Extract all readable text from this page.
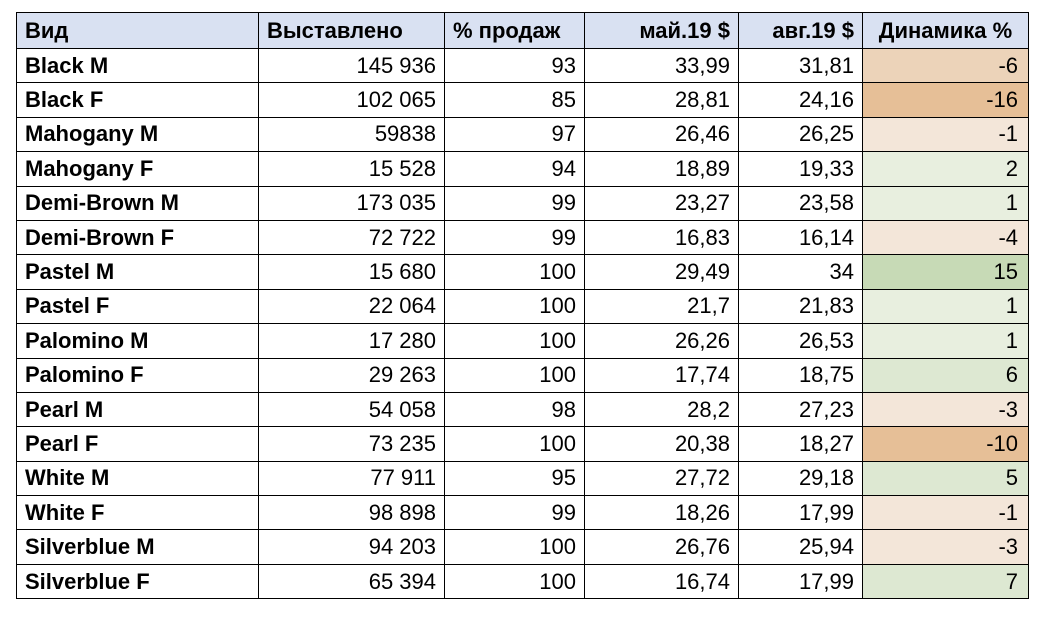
Вид	Выставлено	% продаж	май.19 $	авг.19 $	Динамика %
Black M	145 936	93	33,99	31,81	-6
Black F	102 065	85	28,81	24,16	-16
Mahogany M	59838	97	26,46	26,25	-1
Mahogany F	15 528	94	18,89	19,33	2
Demi-Brown M	173 035	99	23,27	23,58	1
Demi-Brown F	72 722	99	16,83	16,14	-4
Pastel M	15 680	100	29,49	34	15
Pastel F	22 064	100	21,7	21,83	1
Palomino M	17 280	100	26,26	26,53	1
Palomino F	29 263	100	17,74	18,75	6
Pearl M	54 058	98	28,2	27,23	-3
Pearl F	73 235	100	20,38	18,27	-10
White M	77 911	95	27,72	29,18	5
White F	98 898	99	18,26	17,99	-1
Silverblue M	94 203	100	26,76	25,94	-3
Silverblue F	65 394	100	16,74	17,99	7
